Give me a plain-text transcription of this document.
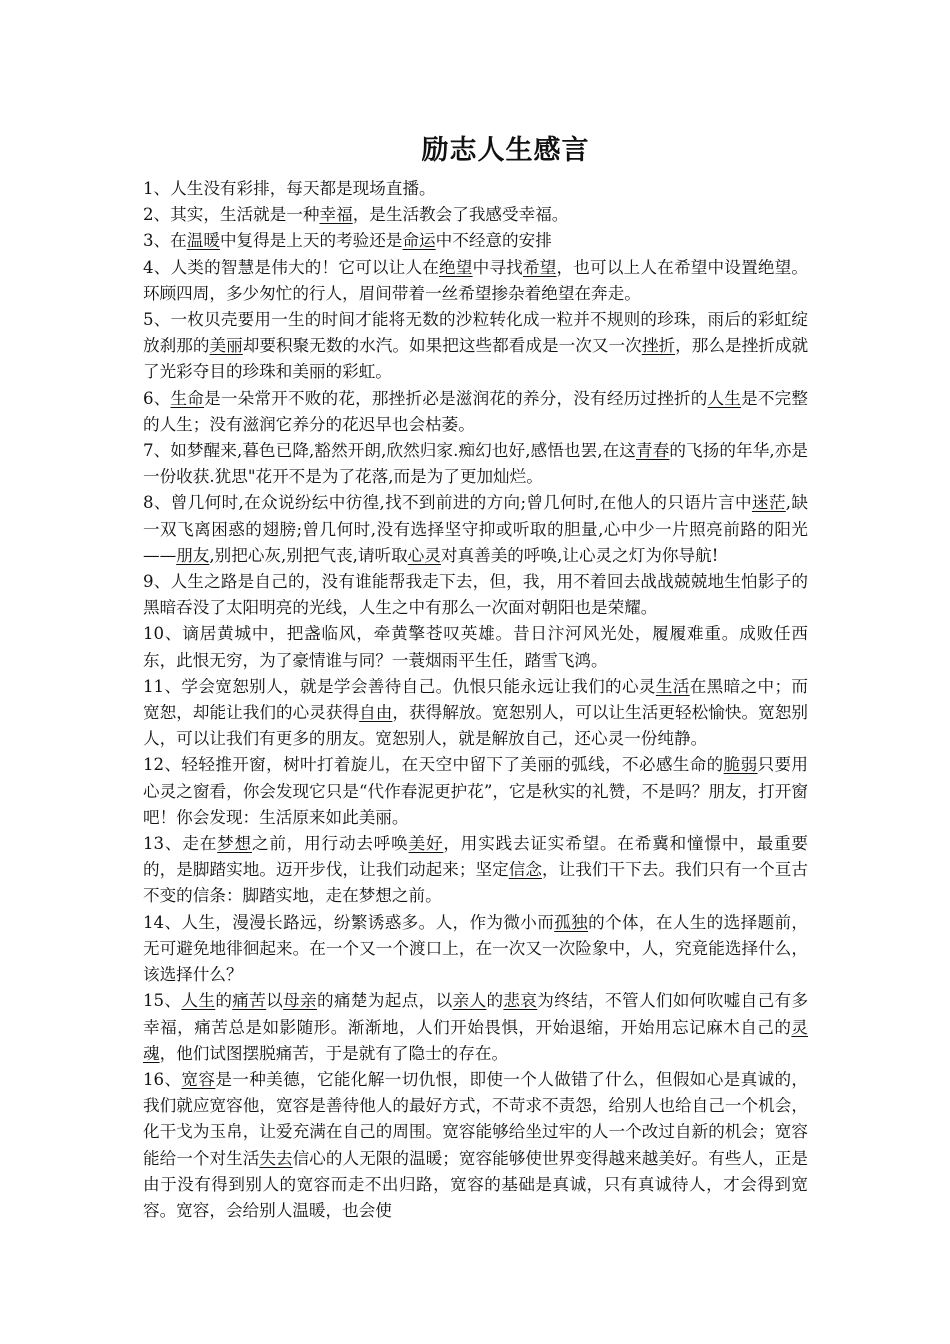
励志人生感言

1、人生没有彩排，每天都是现场直播。

2、其实，生活就是一种幸福，是生活教会了我感受幸福。

3、在温暖中复得是上天的考验还是命运中不经意的安排

4、人类的智慧是伟大的！它可以让人在绝望中寻找希望，也可以上人在希望中设置绝望。环顾四周，多少匆忙的行人，眉间带着一丝希望掺杂着绝望在奔走。

5、一枚贝壳要用一生的时间才能将无数的沙粒转化成一粒并不规则的珍珠，雨后的彩虹绽放刹那的美丽却要积聚无数的水汽。如果把这些都看成是一次又一次挫折，那么是挫折成就了光彩夺目的珍珠和美丽的彩虹。

6、生命是一朵常开不败的花，那挫折必是滋润花的养分，没有经历过挫折的人生是不完整的人生；没有滋润它养分的花迟早也会枯萎。

7、如梦醒来,暮色已降,豁然开朗,欣然归家.痴幻也好,感悟也罢,在这青春的飞扬的年华,亦是一份收获.犹思"花开不是为了花落,而是为了更加灿烂。

8、曾几何时,在众说纷纭中彷徨,找不到前进的方向;曾几何时,在他人的只语片言中迷茫,缺一双飞离困惑的翅膀;曾几何时,没有选择坚守抑或听取的胆量,心中少一片照亮前路的阳光——朋友,别把心灰,别把气丧,请听取心灵对真善美的呼唤,让心灵之灯为你导航!

9、人生之路是自己的，没有谁能帮我走下去，但，我，用不着回去战战兢兢地生怕影子的黑暗吞没了太阳明亮的光线，人生之中有那么一次面对朝阳也是荣耀。

10、谪居黄城中，把盏临风，牵黄擎苍叹英雄。昔日汴河风光处，履履难重。成败任西东，此恨无穷，为了豪情谁与同？一蓑烟雨平生任，踏雪飞鸿。

11、学会宽恕别人，就是学会善待自己。仇恨只能永远让我们的心灵生活在黑暗之中；而宽恕，却能让我们的心灵获得自由，获得解放。宽恕别人，可以让生活更轻松愉快。宽恕别人，可以让我们有更多的朋友。宽恕别人，就是解放自己，还心灵一份纯静。

12、轻轻推开窗，树叶打着旋儿，在天空中留下了美丽的弧线，不必感生命的脆弱只要用心灵之窗看，你会发现它只是“代作春泥更护花”，它是秋实的礼赞，不是吗？朋友，打开窗吧！你会发现：生活原来如此美丽。

13、走在梦想之前，用行动去呼唤美好，用实践去证实希望。在希冀和憧憬中，最重要的，是脚踏实地。迈开步伐，让我们动起来；坚定信念，让我们干下去。我们只有一个亘古不变的信条：脚踏实地，走在梦想之前。

14、人生，漫漫长路远，纷繁诱惑多。人，作为微小而孤独的个体，在人生的选择题前，无可避免地徘徊起来。在一个又一个渡口上，在一次又一次险象中，人，究竟能选择什么，该选择什么？

15、人生的痛苦以母亲的痛楚为起点，以亲人的悲哀为终结，不管人们如何吹嘘自己有多幸福，痛苦总是如影随形。渐渐地，人们开始畏惧，开始退缩，开始用忘记麻木自己的灵魂，他们试图摆脱痛苦，于是就有了隐士的存在。

16、宽容是一种美德，它能化解一切仇恨，即使一个人做错了什么，但假如心是真诚的，我们就应宽容他，宽容是善待他人的最好方式，不苛求不责怨，给别人也给自己一个机会，化干戈为玉帛，让爱充满在自己的周围。宽容能够给坐过牢的人一个改过自新的机会；宽容能给一个对生活失去信心的人无限的温暖；宽容能够使世界变得越来越美好。有些人，正是由于没有得到别人的宽容而走不出归路，宽容的基础是真诚，只有真诚待人，才会得到宽容。宽容，会给别人温暖，也会使
